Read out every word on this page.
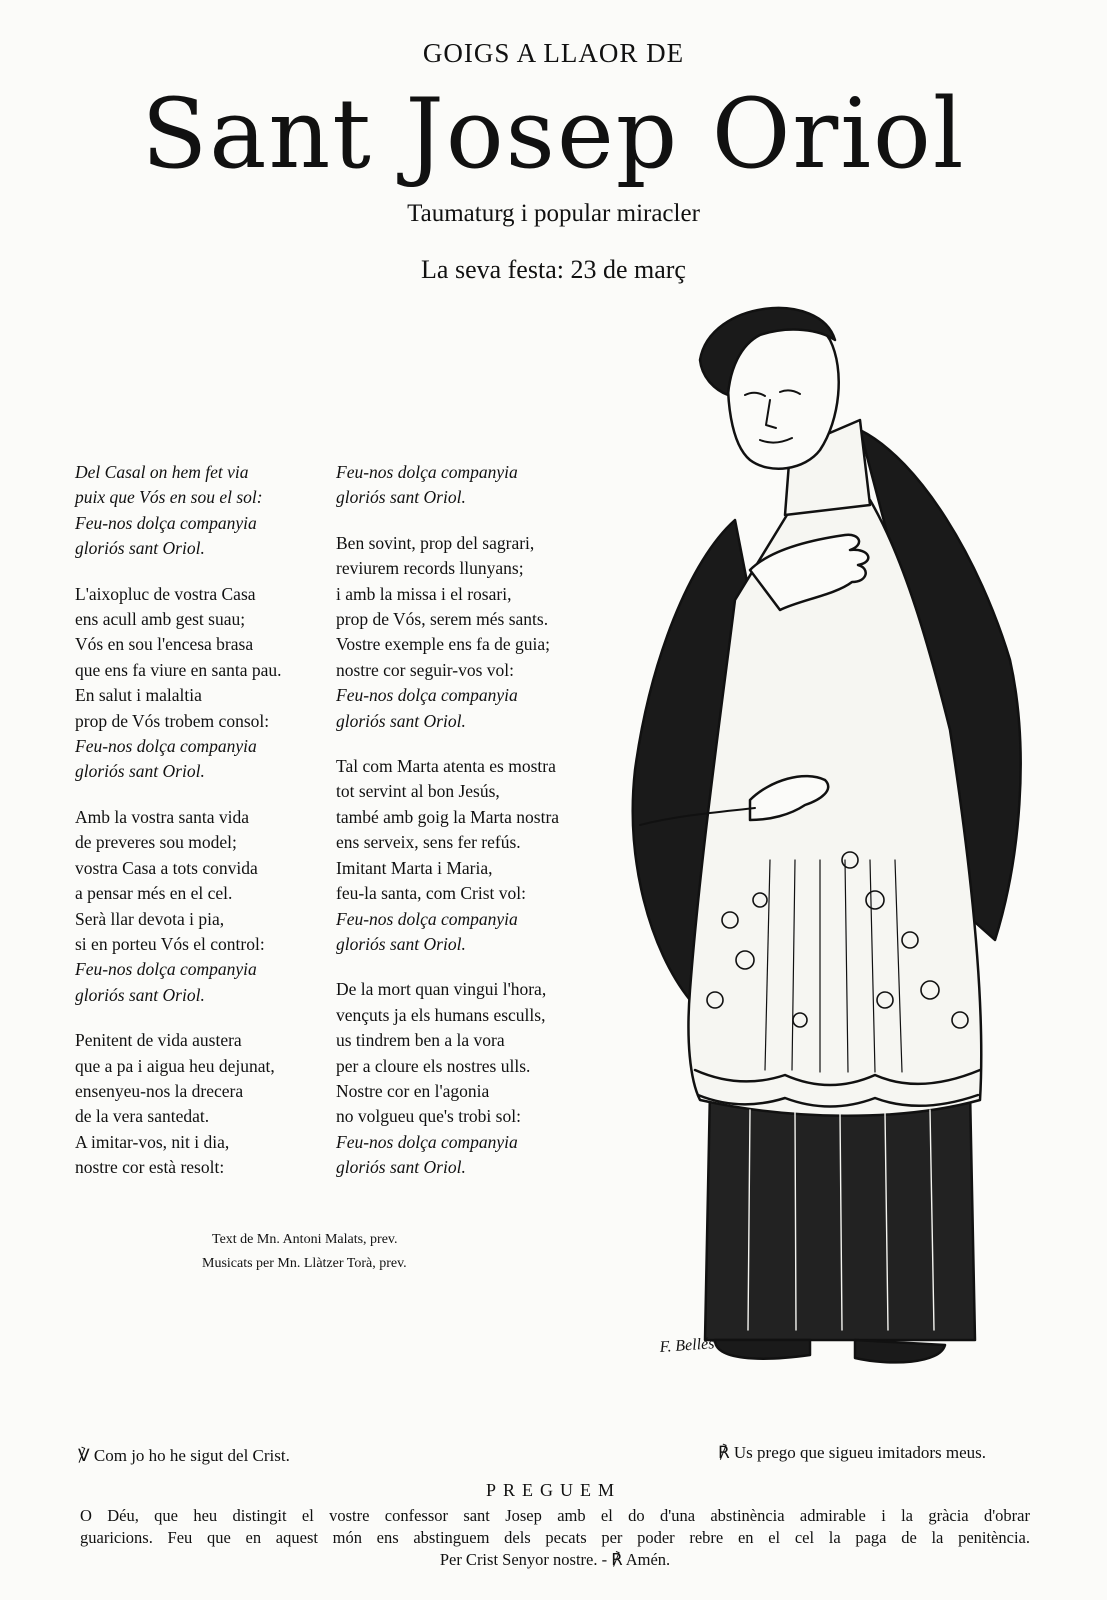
GOIGS A LLAOR DE
Sant Josep Oriol
Taumaturg i popular miracler
La seva festa: 23 de març
Del Casal on hem fet via
puix que Vós en sou el sol:
Feu-nos dolça companyia
gloriós sant Oriol.
L'aixopluc de vostra Casa
ens acull amb gest suau;
Vós en sou l'encesa brasa
que ens fa viure en santa pau.
En salut i malaltia
prop de Vós trobem consol:
Feu-nos dolça companyia
gloriós sant Oriol.
Amb la vostra santa vida
de preveres sou model;
vostra Casa a tots convida
a pensar més en el cel.
Serà llar devota i pia,
si en porteu Vós el control:
Feu-nos dolça companyia
gloriós sant Oriol.
Penitent de vida austera
que a pa i aigua heu dejunat,
ensenyeu-nos la drecera
de la vera santedat.
A imitar-vos, nit i dia,
nostre cor està resolt:
Feu-nos dolça companyia
gloriós sant Oriol.
Ben sovint, prop del sagrari,
reviurem records llunyans;
i amb la missa i el rosari,
prop de Vós, serem més sants.
Vostre exemple ens fa de guia;
nostre cor seguir-vos vol:
Feu-nos dolça companyia
gloriós sant Oriol.
Tal com Marta atenta es mostra
tot servint al bon Jesús,
també amb goig la Marta nostra
ens serveix, sens fer refús.
Imitant Marta i Maria,
feu-la santa, com Crist vol:
Feu-nos dolça companyia
gloriós sant Oriol.
De la mort quan vingui l'hora,
vençuts ja els humans esculls,
us tindrem ben a la vora
per a cloure els nostres ulls.
Nostre cor en l'agonia
no volgueu que's trobi sol:
Feu-nos dolça companyia
gloriós sant Oriol.
Text de Mn. Antoni Malats, prev.
Musicats per Mn. Llàtzer Torà, prev.
F. Bellés
℣ Com jo ho he sigut del Crist.	℟ Us prego que sigueu imitadors meus.
PREGUEM
O Déu, que heu distingit el vostre confessor sant Josep amb el do d'una abstinència admirable i la gràcia d'obrar
guaricions. Feu que en aquest món ens abstinguem dels pecats per poder rebre en el cel la paga de la penitència.
Per Crist Senyor nostre. - ℟ Amén.
